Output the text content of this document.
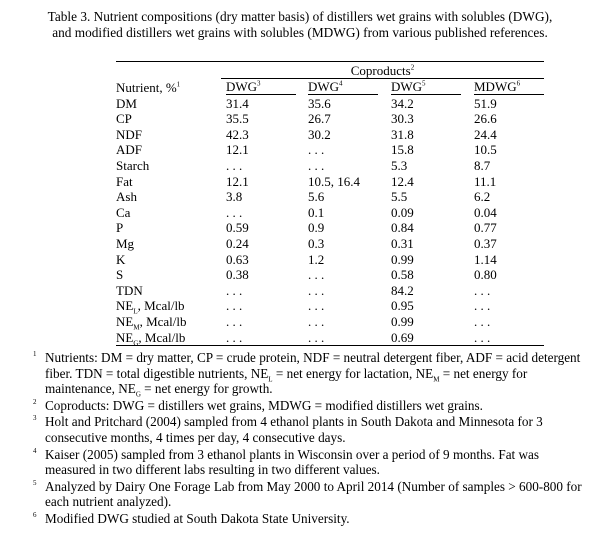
Table 3. Nutrient compositions (dry matter basis) of distillers wet grains with solubles (DWG),
and modified distillers wet grains with solubles (MDWG) from various published references.
	Coproducts$^2$
Nutrient, %$^1$	DWG$^3$	DWG$^4$	DWG$^5$	MDWG$^6$
DM	31.4	35.6	34.2	51.9
CP	35.5	26.7	30.3	26.6
NDF	42.3	30.2	31.8	24.4
ADF	12.1	. . .	15.8	10.5
Starch	. . .	. . .	5.3	8.7
Fat	12.1	10.5, 16.4	12.4	11.1
Ash	3.8	5.6	5.5	6.2
Ca	. . .	0.1	0.09	0.04
P	0.59	0.9	0.84	0.77
Mg	0.24	0.3	0.31	0.37
K	0.63	1.2	0.99	1.14
S	0.38	. . .	0.58	0.80
TDN	. . .	. . .	84.2	. . .
$NE_L$, Mcal/lb	. . .	. . .	0.95	. . .
$NE_M$, Mcal/lb	. . .	. . .	0.99	. . .
$NE_G$, Mcal/lb	. . .	. . .	0.69	. . .
1 Nutrients: DM = dry matter, CP = crude protein, NDF = neutral detergent fiber, ADF = acid detergent fiber. TDN = total digestible nutrients, $NE_L$ = net energy for lactation, $NE_M$ = net energy for maintenance, $NE_G$ = net energy for growth.
2 Coproducts: DWG = distillers wet grains, MDWG = modified distillers wet grains.
3 Holt and Pritchard (2004) sampled from 4 ethanol plants in South Dakota and Minnesota for 3 consecutive months, 4 times per day, 4 consecutive days.
4 Kaiser (2005) sampled from 3 ethanol plants in Wisconsin over a period of 9 months. Fat was measured in two different labs resulting in two different values.
5 Analyzed by Dairy One Forage Lab from May 2000 to April 2014 (Number of samples > 600-800 for each nutrient analyzed).
6 Modified DWG studied at South Dakota State University.
